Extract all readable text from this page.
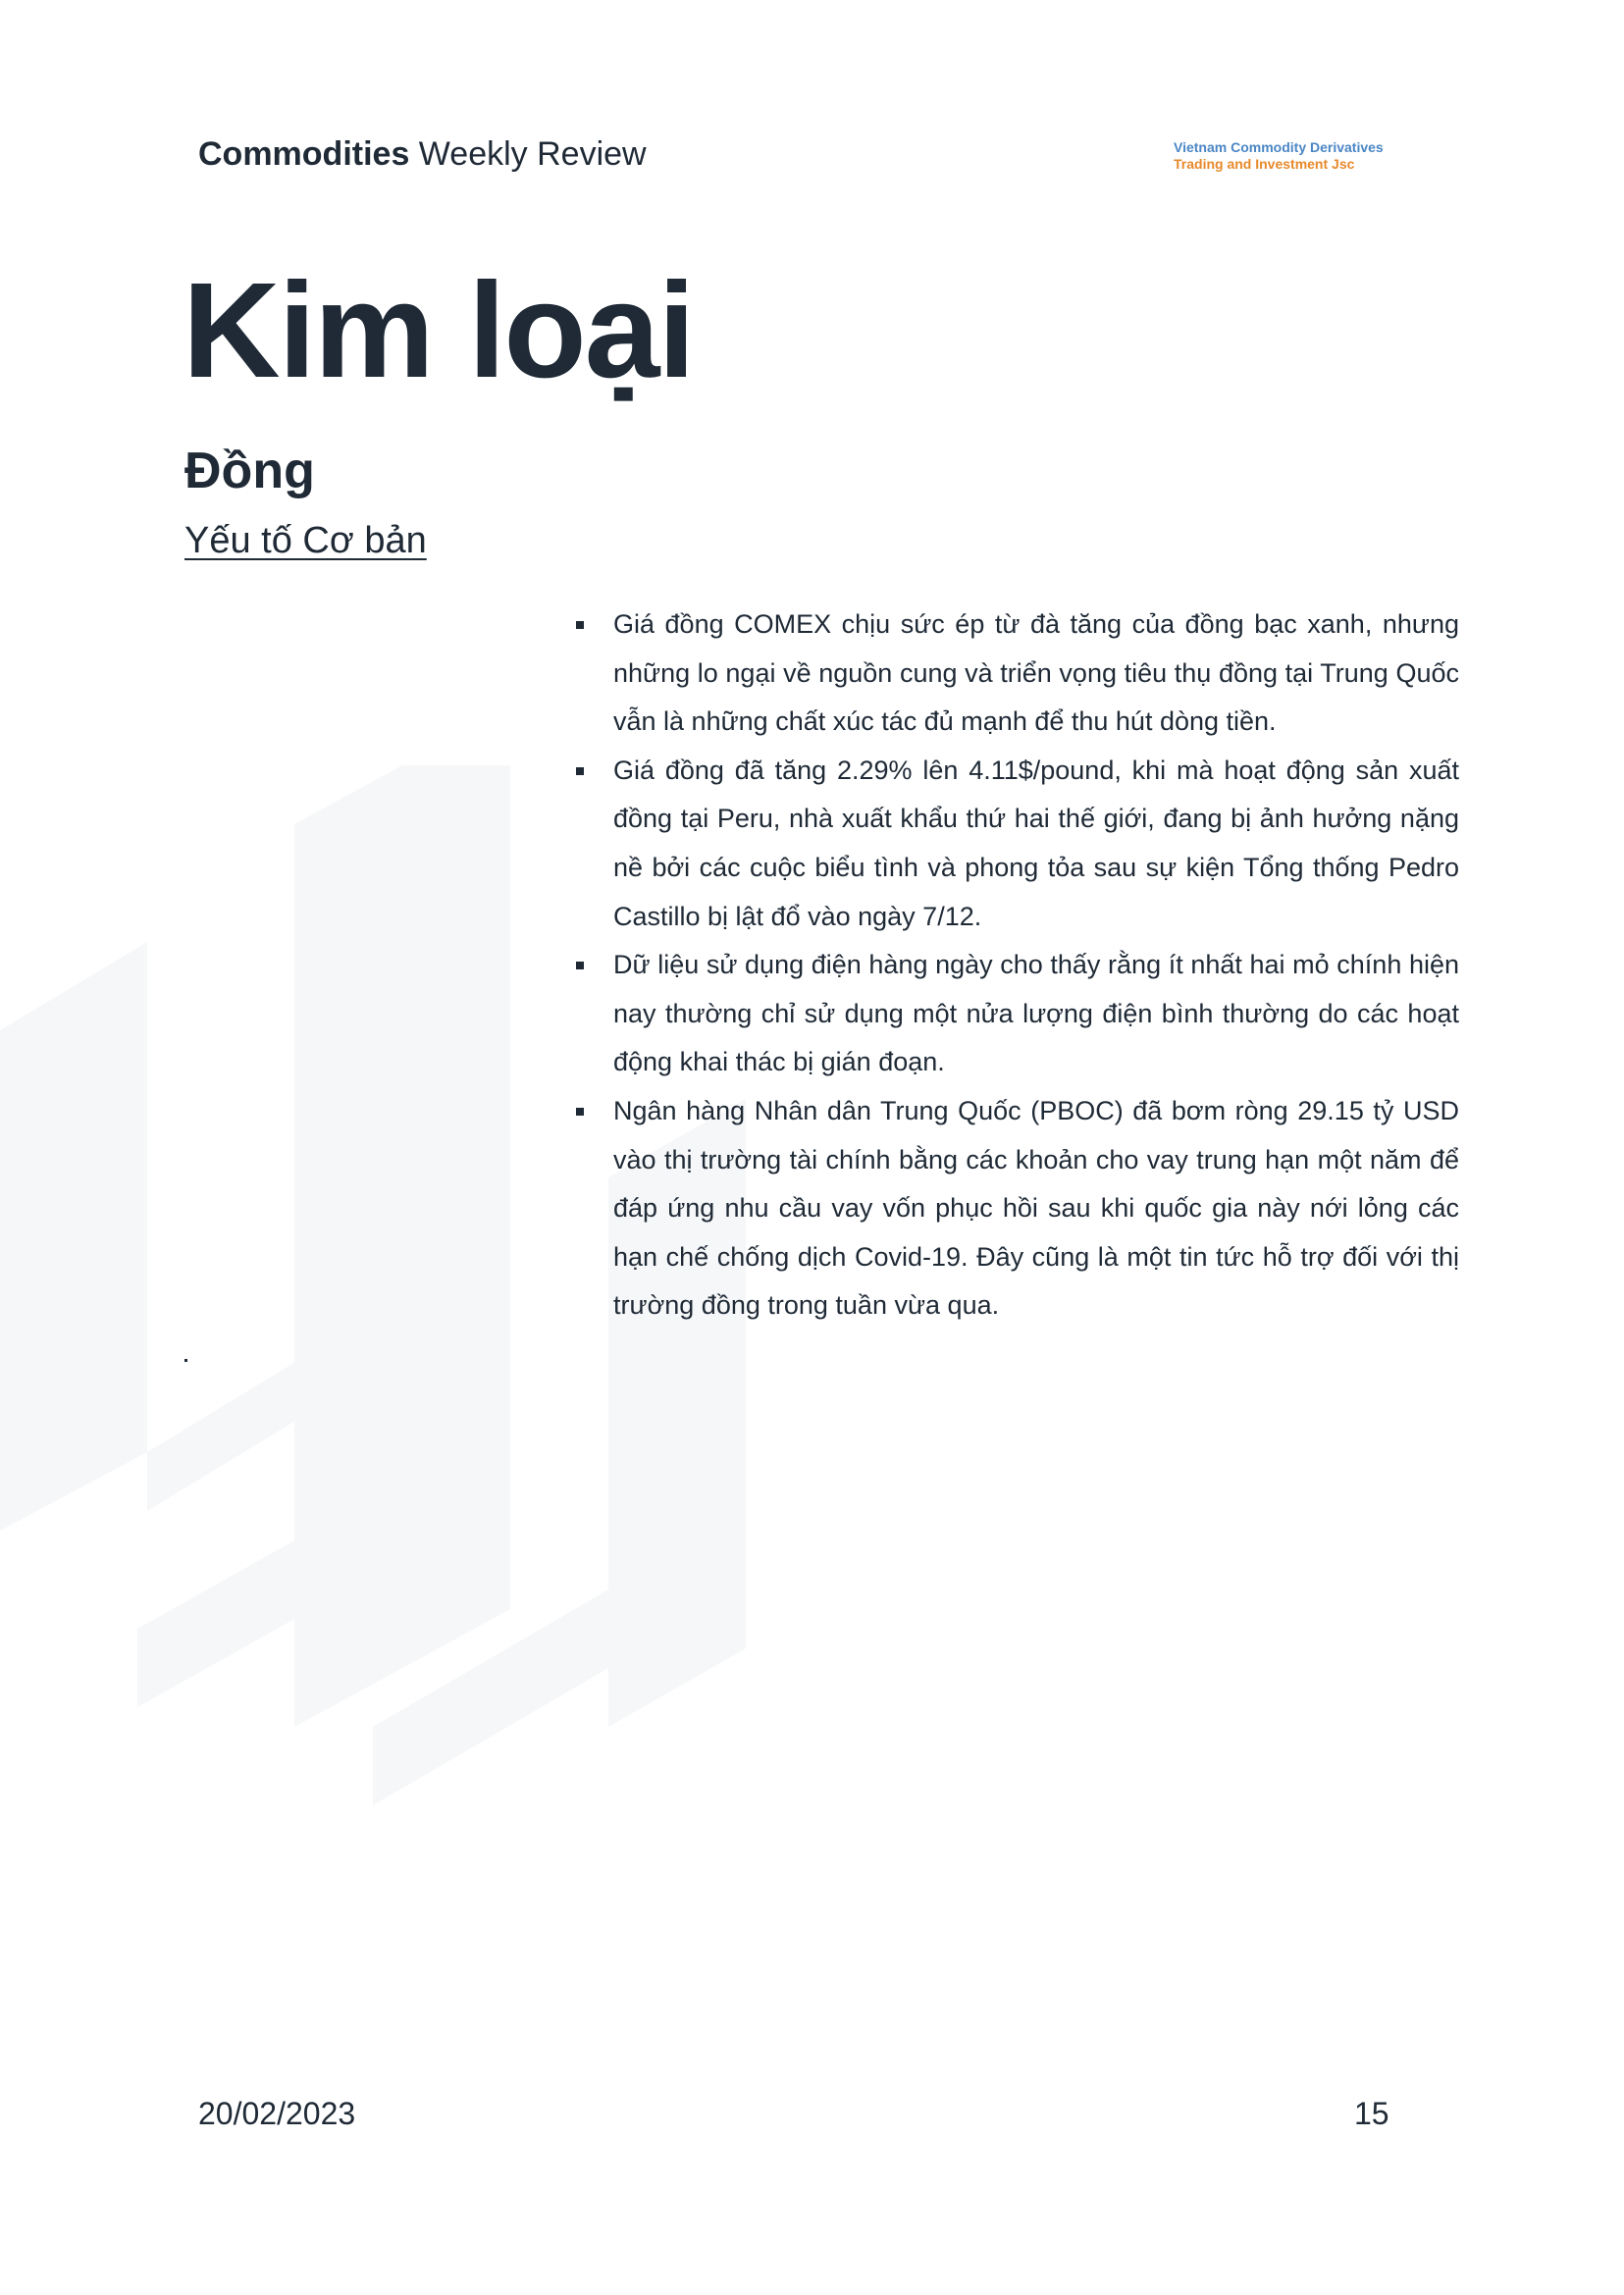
Commodities Weekly Review	Vietnam Commodity Derivatives
Trading and Investment Jsc
Kim loại
Đồng
Yếu tố Cơ bản
Giá đồng COMEX chịu sức ép từ đà tăng của đồng bạc xanh, nhưng những lo ngại về nguồn cung và triển vọng tiêu thụ đồng tại Trung Quốc vẫn là những chất xúc tác đủ mạnh để thu hút dòng tiền.
Giá đồng đã tăng 2.29% lên 4.11$/pound, khi mà hoạt động sản xuất đồng tại Peru, nhà xuất khẩu thứ hai thế giới, đang bị ảnh hưởng nặng nề bởi các cuộc biểu tình và phong tỏa sau sự kiện Tổng thống Pedro Castillo bị lật đổ vào ngày 7/12.
Dữ liệu sử dụng điện hàng ngày cho thấy rằng ít nhất hai mỏ chính hiện nay thường chỉ sử dụng một nửa lượng điện bình thường do các hoạt động khai thác bị gián đoạn.
Ngân hàng Nhân dân Trung Quốc (PBOC) đã bơm ròng 29.15 tỷ USD vào thị trường tài chính bằng các khoản cho vay trung hạn một năm để đáp ứng nhu cầu vay vốn phục hồi sau khi quốc gia này nới lỏng các hạn chế chống dịch Covid-19. Đây cũng là một tin tức hỗ trợ đối với thị trường đồng trong tuần vừa qua.
20/02/2023	15
